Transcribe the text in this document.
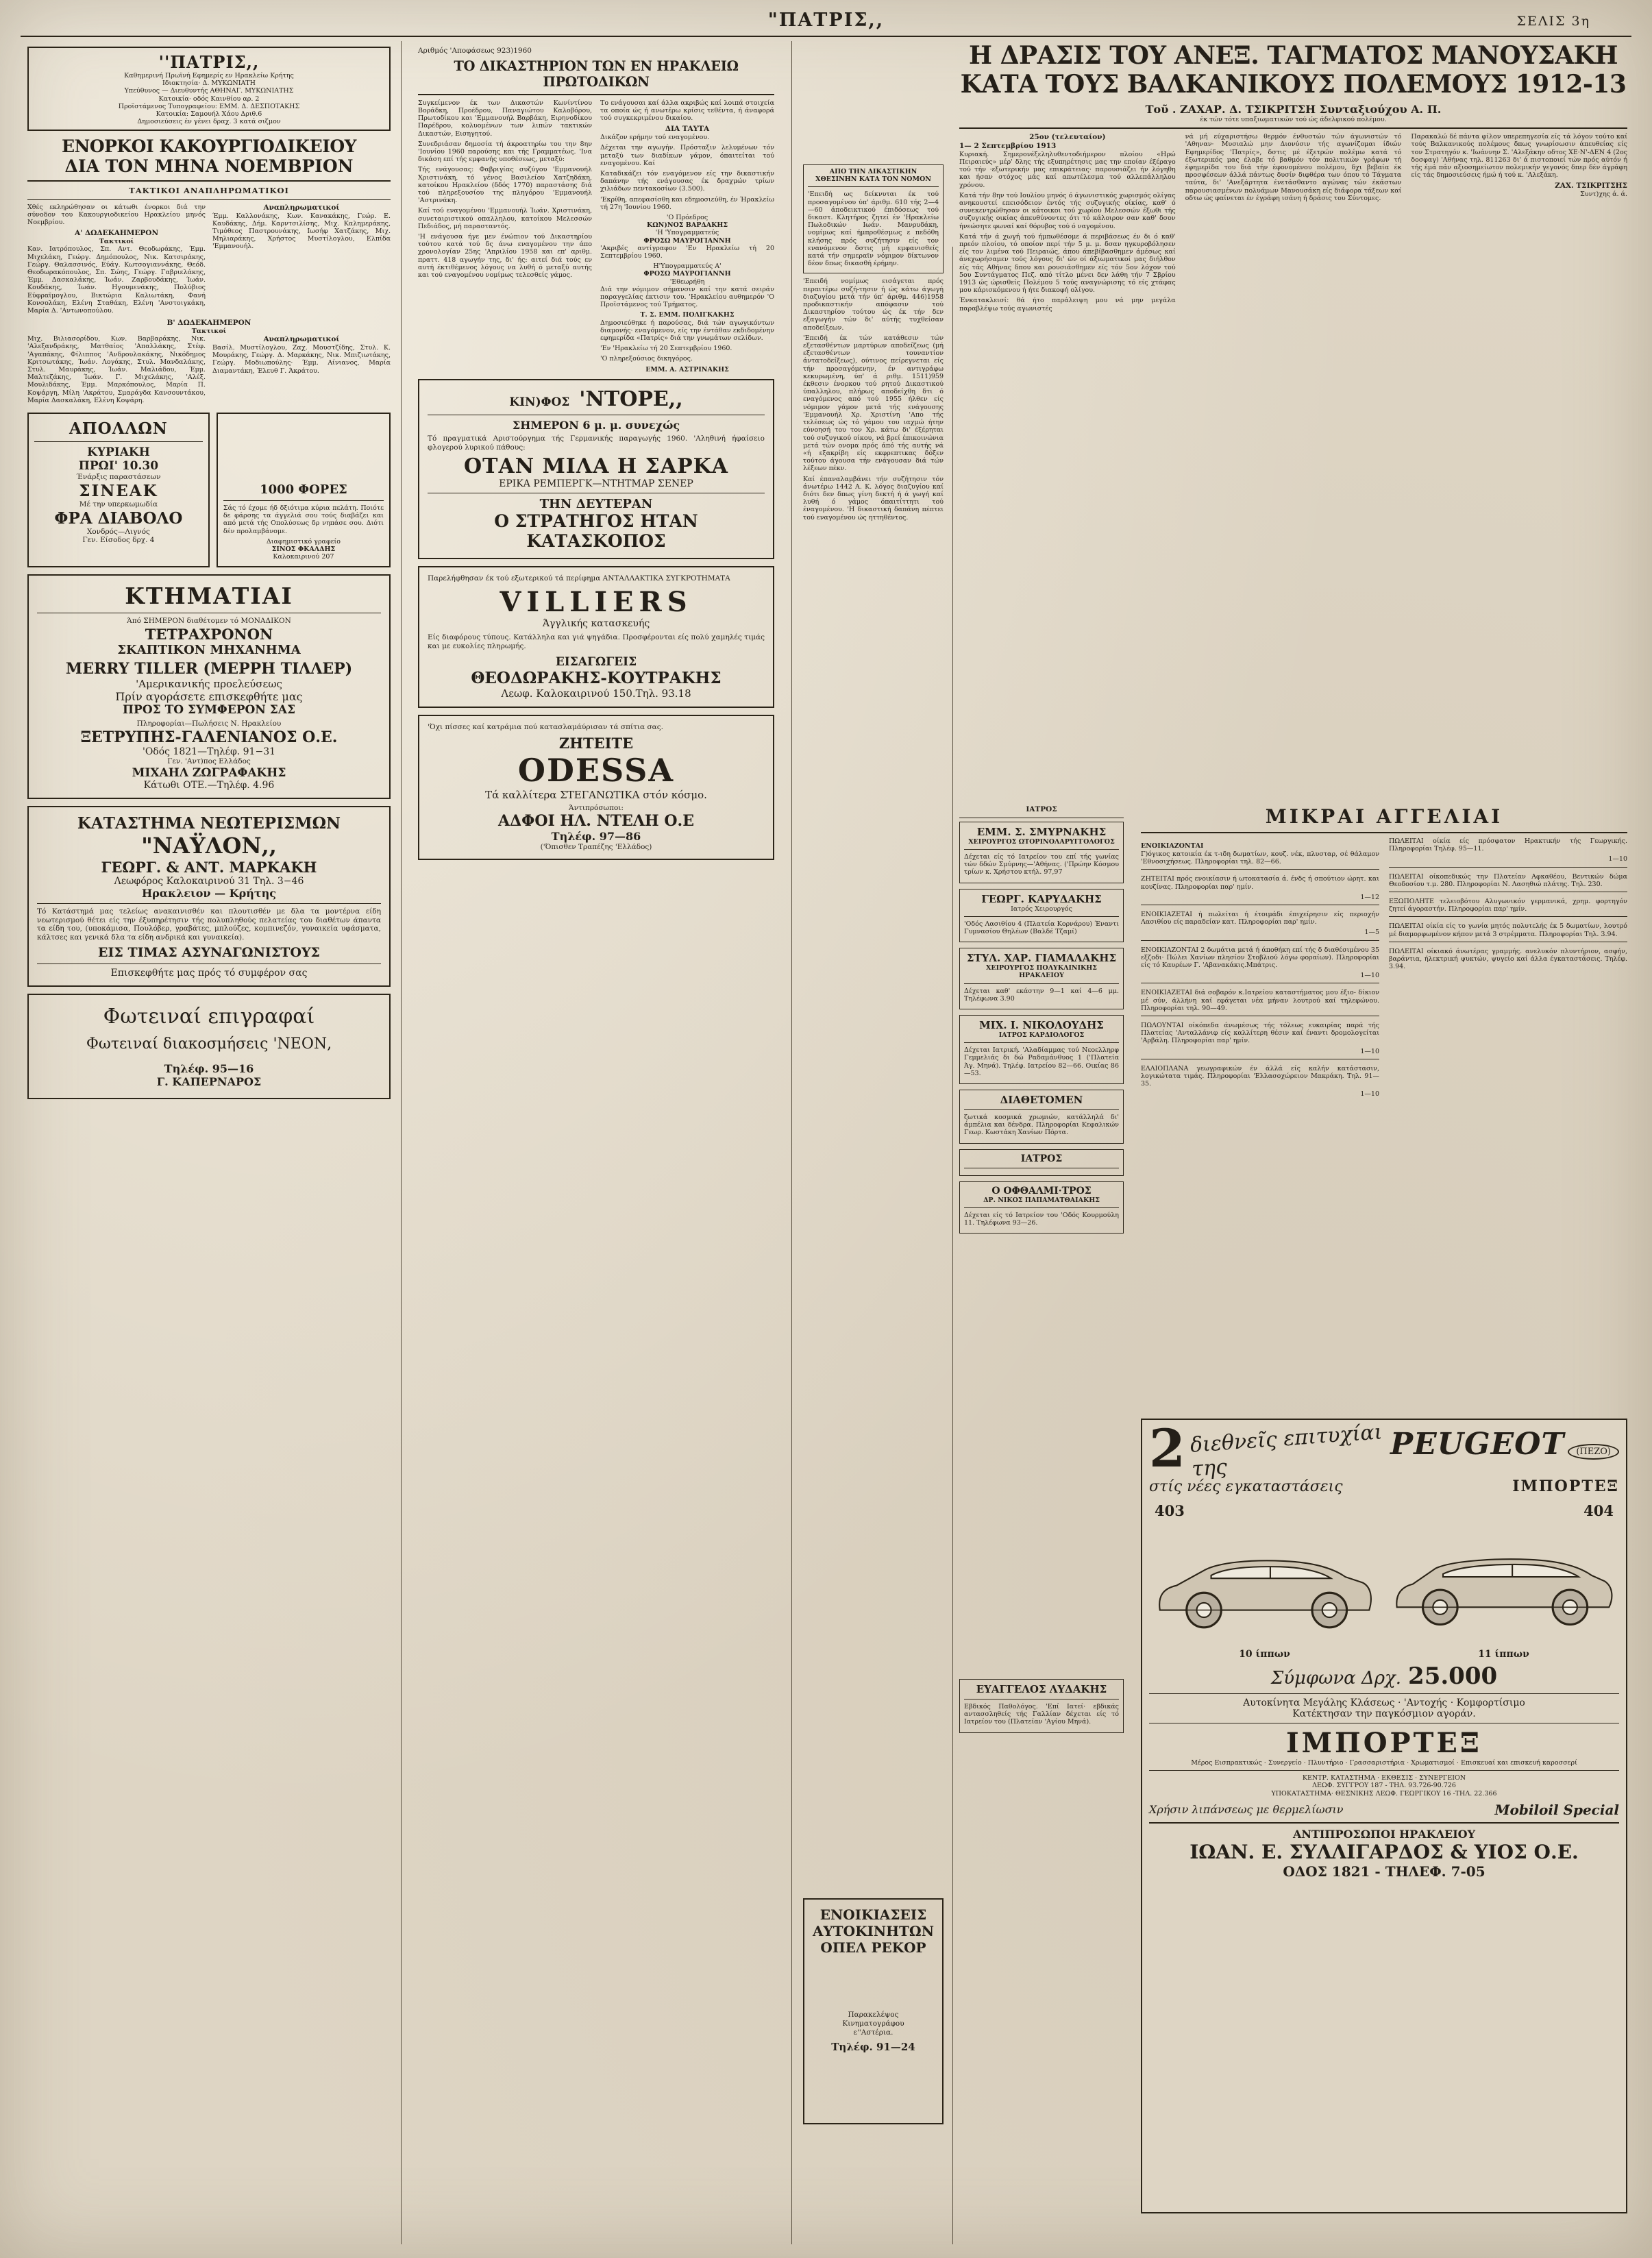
"ΠΑΤΡΙΣ,,	ΣΕΛΙΣ 3η
''ΠΑΤΡΙΣ,,
Καθημερινή Πρωϊνή Εφημερίς εν Ηρακλείω Κρήτης
Ιδιοκτησία· Δ. ΜΥΚΩΝΙΑΤΗ
Υπεύθυνος — Διευθυντής ΑΘΗΝΑΓ. ΜΥΚΩΝΙΑΤΗΣ
Κατοικία· οδός Καινθίου αρ. 2
Προϊστάμενος Τυπογραφείου: ΕΜΜ. Δ. ΔΕΣΠΟΤΑΚΗΣ
Κατοικία: Σαμουήλ Χάου Δριθ.6
Δημοσιεύσεις έν γένει δραχ. 3 κατά σιζμον
ΕΝΟΡΚΟΙ ΚΑΚΟΥΡΓΙΟΔΙΚΕΙΟΥ
ΔΙΑ ΤΟΝ ΜΗΝΑ ΝΟΕΜΒΡΙΟΝ
ΤΑΚΤΙΚΟΙ ΑΝΑΠΛΗΡΩΜΑΤΙΚΟΙ

Χθές εκληρώθησαν οι κάτωθι ένορκοι διά την σύνοδον του Κακουργιοδικείου Ηρακλείου μηνός Νοεμβρίου.

Α' ΔΩΔΕΚΑΗΜΕΡΟΝ
Τακτικοί

Καν. Ιατρόπουλος, Σπ. Αντ. Θεοδωράκης, Έμμ. Μιχελάκη, Γεώργ. Δημόπουλος, Νικ. Κατσιράκης, Γεώργ. Θαλασσινός, Εύάγ. Κωτσογιαννάκης, Θεόδ. Θεοδωρακόπουλος, Σπ. Σώης, Γεώργ. Γαβριελάκης, Έμμ. Δασκαλάκης, Ίωάν. Ζαρβουδάκης, Ίωάν. Κουδάκης, Ίωάν. Ηγουμενάκης, Πολύβιος Εύφραϊμογλου, Βικτώρια Καλιωτάκη, Φανή Κονσολάκη, Ελένη Σταθάκη, Ελένη 'Ανστοιγκάκη, Μαρία Δ. 'Αντωνοπούλου.

Αναπληρωματικοί

Έμμ. Καλλονάκης, Κων. Κανακάκης, Γεώρ. Ε. Καυδάκης, Δήμ. Καρντσιλίσης, Μιχ. Καλημεράκης, Τιμόθεος Παστρουνάκης, Ιωσήφ Χατζάκης, Μιχ. Μηλιαράκης, Χρήστος Μυστίλογλου, Ελπίδα 'Εμμανουήλ.

Β' ΔΩΔΕΚΑΗΜΕΡΟΝ
Τακτικοί

Μιχ. Βιλιασορίδου, Κων. Βαρβαράκης, Νικ. 'Αλεξανδράκης, Ματθαίος 'Απαλλάκης, Στέφ. 'Αγαπάκης, Φίλιππος 'Ανδρουλακάκης, Νικόδημος Κριτσωτάκης, Ίωάν. Λογάκης, Στυλ. Μανδαλάκης, Στυλ. Μαυράκης, Ίωάν. Μαλιάδου, Έμμ. Μαλτεζάκης, Ίωάν. Γ. Μιχελάκης, 'Αλέξ. Μουλιδάκης, Έμμ. Μαρκόπουλος, Μαρία Π. Κοψάργη, Μίλη 'Ακράτου, Σμαράγδα Κανσουντάκου, Μαρία Δασκαλάκη, Ελένη Κοψάρη.

Αναπληρωματικοί

Βασίλ. Μυστίλογλου, Ζαχ. Μουστζίδης, Στυλ. Κ. Μουράκης, Γεώργ. Δ. Μαρκάκης, Νικ. Μπιζιωτάκης, Γεώργ. Μοδιωπούλης· Έμμ. Αίνιανος, Μαρία Διαμαντάκη, Έλευθ Γ. Άκράτου.

ΑΠΟΛΛΩΝ
ΚΥΡΙΑΚΗ
ΠΡΩΙ' 10.30
Ένάρξις παραστάσεων
ΣΙΝΕΑΚ
Μέ την υπερκωμωδία
ΦΡΑ ΔΙΑΒΟΛΟ
Χονδρός—Λιγνός
Γεν. Είσοδος δρχ. 4
1000 ΦΟΡΕΣ

Σάς τό έχομε ήδ δξιότιμα κύρια πελάτη. Ποιότε δε φάρσης τα άγγελιά σου τούς διαβάζει και από μετά τής Οπολύσεως δρ νηπάσε σου. Διότι δέν προλαμβάνομε.

Διαφημιστικό γραφείο
ΣΙΝΟΣ ΦΚΑΛΔΗΣ
Καλοκαιρινού 207
ΚΤΗΜΑΤΙΑΙ
Άπό ΣΗΜΕΡΟΝ διαθέτομεν τό ΜΟΝΑΔΙΚΟΝ
ΤΕΤΡΑΧΡΟΝΟΝ
ΣΚΑΠΤΙΚΟΝ ΜΗΧΑΝΗΜΑ
MERRY TILLER (ΜΕΡΡΗ ΤΙΛΛΕΡ)
'Αμερικανικής προελεύσεως
Πρίν αγοράσετε επισκεφθήτε μας
ΠΡΟΣ ΤΟ ΣΥΜΦΕΡΟΝ ΣΑΣ
Πληροφορίαι—Πωλήσεις Ν. Ηρακλείου
ΞΕΤΡΥΠΗΣ-ΓΑΛΕΝΙΑΝΟΣ Ο.Ε.
'Οδός 1821—Τηλέφ. 91−31
Γεν. 'Αντ)πος Ελλάδος
ΜΙΧΑΗΛ ΖΩΓΡΑΦΑΚΗΣ
Κάτωθι ΟΤΕ.—Τηλέφ. 4.96
ΚΑΤΑΣΤΗΜΑ ΝΕΩΤΕΡΙΣΜΩΝ
"ΝΑΫΛΟΝ,,
ΓΕΩΡΓ. & ΑΝΤ. ΜΑΡΚΑΚΗ
Λεωφόρος Καλοκαιρινού 31 Τηλ. 3−46
Ηρακλειον — Κρήτης

Τό Κατάστημά μας τελείως ανακαινισθέν και πλουτισθέν με δλα τα μοντέρνα είδη νεωτερισμού θέτει είς την έξυπηρέτησιν τής πολυπληθούς πελατείας του διαθέτων άπαντα τα είδη του, (υποκάμισα, Πουλόβερ, γραβάτες, μπλούζες, κομπινεζόν, γυναικεία υφάσματα, κάλτσες και γενικά δλα τα είδη ανδρικά και γυναικεία).

ΕΙΣ ΤΙΜΑΣ ΑΣΥΝΑΓΩΝΙΣΤΟΥΣ
Επισκεφθήτε μας πρός τό συμφέρον σας
Φωτειναί επιγραφαί
Φωτειναί διακοσμήσεις 'ΝΕΟΝ,
Τηλέφ. 95—16
Γ. ΚΑΠΕΡΝΑΡΟΣ
Αριθμός 'Αποφάσεως 923)1960
ΤΟ ΔΙΚΑΣΤΗΡΙΟΝ ΤΩΝ ΕΝ ΗΡΑΚΛΕΙΩ ΠΡΩΤΟΔΙΚΩΝ

Συγκείμενον έκ των Δικαστών Κωνίντίνου Βοράδκη, Προέδρου, Παναγιώτου Καλοβόρου, Πρωτοδίκου και 'Εμμανουήλ Βαρβάκη, Ειρηνοδίκου Παρέδρου, κολυομένων των λιπών τακτικών Δικαστών, Εισηγητού.

Συνεδριάσαν δημοσία τή άκροατηρίω του την 8ην 'Ιουνίου 1960 παρούσης και τής Γραμματέως. 'Ινα δικάση επί τής εμφανής υποθέσεως, μεταξύ:

Τής ενάγουσας: Φαβριγίας συζύγου 'Εμμανουήλ Χριστινάκη, τό γένος Βασιλείου Χατζηδάκη, κατοίκου Ηρακλείου (δδός 1770) παραστάσης διά τού πληρεξουσίου της πληγόρου 'Εμμανουήλ 'Αστρινάκη.

Καί τού εναγομένου 'Εμμανουήλ Ίωάν. Χριστινάκη, συνεταιριστικού οπαλληλου, κατοίκου Μελεσσών Πεδιάδος, μή παρασταντός.

'Η ενάγουσα ήγε μεν ένώπιον τού Δικαστηρίου τούτου κατά τού δς άνω εναγομένου την άπο χρονολογίαν 25ης 'Απριλίου 1958 και επ' αριθμ. πραττ. 418 αγωγήν της, δι' ής: αιτεί διά τούς εν αυτή έκτιθέμενος λόγους να λυθή ό μεταξύ αυτής και τού εναγομένου νομίμως τελεσθείς γάμος.

Το ενάγουσαι καί άλλα ακριβώς καί λοιπά στοιχεία τα οποία ώς ή ανωτέρω κρίσις τεθέντα, ή άναφορά τού συγκεκριμένου δικαίου.

ΔΙΑ ΤΑΥΤΑ

Δικάζον ερήμην τού εναγομένου.

Δέχεται την αγωγήν. Πρόσταξιν λελυμένων τόν μεταξύ των διαδίκων γάμον, όπαιτείται τού εναγομένου. Καί

Καταδικάζει τόν εναγόμενον είς την δικαστικήν δαπάνην τής ενάγουσας έκ δραχμών τρίων χιλιάδων πεντακοσίων (3.500).

'Εκρίθη, απεφασίσθη και εδημοσιεύθη, έν Ήρακλείω τή 27η 'Ιουνίου 1960.

'Ο Πρόεδρος
ΚΩΝ)ΝΟΣ ΒΑΡΔΑΚΗΣ
'Η 'Υπογραμματεύς
ΦΡΟΣΩ ΜΑΥΡΟΓΙΑΝΝΗ

'Ακριβές αντίγραφον 'Εν Ηρακλείω τή 20 Σεπτεμβρίου 1960.

Η'Υπογραμματεύς Α'
ΦΡΟΣΩ ΜΑΥΡΟΓΙΑΝΝΗ
'Εθεωρήθη

Διά την νόμιμον σήμανσιν καί την κατά σειράν παραγγελίας έκτισιν του. 'Ηρακλείου αυθημερόν 'Ο Προϊστάμενος τού Τμήματος.

Τ. Σ. ΕΜΜ. ΠΟΛΙΓΚΑΚΗΣ

Δημοσιεύθηκε ή παρούσας, διά τών αγωγικόντων διαμονής· εναγόμενον, είς την έντάθαν εκδιδομένην εφημερίδα «Πατρίς» διά την γνωμάτων σελίδων.

'Εν 'Ηρακλείω τή 20 Σεπτεμβρίου 1960.

'Ο πληρεξούσιος δικηγόρος.

ΕΜΜ. Α. ΑΣΤΡΙΝΑΚΗΣ
ΚΙΝ)ΦΟΣ 'ΝΤΟΡΕ,,
ΣΗΜΕΡΟΝ 6 μ. μ. συνεχώς

Τό πραγματικά Αριστούργημα τής Γερμανικής παραγωγής 1960. 'Αληθινή ήφαίσειο φλογερού λυρικού πάθους:

ΟΤΑΝ ΜΙΛΑ Η ΣΑΡΚΑ
ΕΡΙΚΑ ΡΕΜΠΕΡΓΚ—ΝΤΗΤΜΑΡ ΣΕΝΕΡ
ΤΗΝ ΔΕΥΤΕΡΑΝ
Ο ΣΤΡΑΤΗΓΟΣ ΗΤΑΝ ΚΑΤΑΣΚΟΠΟΣ

Παρελήφθησαν έκ τού εξωτερικού τά περίφημα ΑΝΤΑΛΛΑΚΤΙΚΑ ΣΥΓΚΡΟΤΗΜΑΤΑ

VILLIERS
Άγγλικής κατασκευής

Είς διαφόρους τύπους. Κατάλληλα και γιά ψηγάδια. Προσφέρονται είς πολύ χαμηλές τιμάς και με ευκολίες πληρωμής.

ΕΙΣΑΓΩΓΕΙΣ
ΘΕΟΔΩΡΑΚΗΣ-ΚΟΥΤΡΑΚΗΣ
Λεωφ. Καλοκαιρινού 150.Τηλ. 93.18

'Όχι πίσσες καί κατράμια πού κατασλαμάύρισαν τά σπίτια σας.

ΖΗΤΕΙΤΕ
ODESSA
Τά καλλίτερα ΣΤΕΓΑΝΩΤΙΚΑ στόν κόσμο.
Άντιπρόσωποι:
ΑΔΦΟΙ ΗΛ. ΝΤΕΛΗ Ο.Ε
Τηλέφ. 97—86
('Όπισθεν Τραπέζης 'Ελλάδος)
ΑΠΟ ΤΗΝ ΔΙΚΑΣΤΙΚΗΝ
ΧΘΕΣΙΝΗΝ ΚΑΤΑ ΤΟΝ ΝΟΜΟΝ

'Επειδή ως δείκνυται έκ τού προσαγομένου ύπ' άριθμ. 610 τής 2—4—60 άποδεικτικού έπιδόσεως τού δικαστ. Κλητήρος ζητεί έν 'Ηρακλείω Πωλοδικών Ιωάν. Μανρυδάκη, νομίμως καί ήμπροθέσμως ε πεδόθη κλήσης πρός συζήτησιν είς τον ενανόμενον δστις μή εμφανισθείς κατά τήν σημεραϊν νόμιμον δίκτωνον δέον δπως δικασθή έρήμην.

'Επειδή νομίμως εισάγεται πρός περαιτέρω συζή-τησιν ή ώς κάτω άγωγή διαζυγίου μετά τήν ύπ' άριθμ. 446)1958 προδικαστικήν απόφασιν τού Δικαστηρίου τούτου ώς έκ τήν δεν εξαγωγήν τών δι' αύτής τυχθείσαν αποδείξεων.

'Επειδή έκ τών κατάθεσιν τών εξετασθέντων μαρτύρων αποδείζεως (μή εξετασθέντων τουναντίον άντατοδείξεως), ούτινος πείρεγνεται είς τήν προσαγόμενην, έν αντιγράφω κεκυρωμένη, ύπ' ά ριθμ. 1511)959 έκθεσιν ένορκου τού ρητού Δικαστικού ύπαλληλου, πλήρως αποδείχθη δτι ό εναγόμενος από τού 1955 ήλθεν είς νόμιμον γάμον μετά τής ενάγουσης 'Εμμανουήλ Χρ. Χριστίνη 'Απο τής τελέσεως ώς τό γάμου του ιαχμώ ήτην εύνοησή του τον Χρ. κάτω δι' έξέρηται τού συζυγικού οίκου, νά βρεί έπικοινώνια μετά τών ονομα πρός άπό τής αυτής νά «ή εξακρίβη είς εκφρεπτικας δόξεν τούτου άγουσα τήν ενάγουσαν διά τών λέξεων πέκν.

Καί έπαναλαμβάνει τήν συζήτησιν τόν άνωτέρω 1442 Α. Κ. λόγος διαζυγίου καί διότι δεν δπως γίνη δεκτή ή ά γωγή καί λυθή ό γάμος όπαιτίττητι τού έναγομένου. 'Η δικαστική δαπάνη πέπτει τού εναγομένου ώς ηττηθέντος.

ΕΝΟΙΚΙΑΣΕΙΣ
ΑΥΤΟΚΙΝΗΤΩΝ
ΟΠΕΛ ΡΕΚΟΡ
Παρακελέψος
Κινηματογράφου
ε''Αστέρια.
Τηλέφ. 91—24
Η ΔΡΑΣΙΣ ΤΟΥ ΑΝΕΞ. ΤΑΓΜΑΤΟΣ ΜΑΝΟΥΣΑΚΗ
ΚΑΤΑ ΤΟΥΣ ΒΑΛΚΑΝΙΚΟΥΣ ΠΟΛΕΜΟΥΣ 1912-13
Τοῦ . ΖΑΧΑΡ. Δ. ΤΣΙΚΡΙΤΣΗ Συνταξιούχου Α. Π.
έκ τών τότε υπαξιωματικών τού ώς άδελφικού πολέμου.
25ον (τελευταίον)
1— 2 Σεπτεμβρίου 1913

Κυριακή. Σημερονέξεληλυθεντοδιήμερον πλοίου «Ηρώ Πειραιεύς» μέρ' δλης τής εξυπηρέτησις μας την εποίαν έξέραγο τού τήν ·εξωτερικήν μας επικράτειας· παρουσιάζει ήν λόγηθη και ήσαν στόχος μάς καί απωτέλεσμα τού αλλεπάλληλου χρόνου.

Κατά τήν 8ην τού Ιουλίου μηνός ό άγωνιστικός χωρισμός ολίγας ανηκουστεί επεισόδειον έντός τής συζυγικής οίκίας, καθ' ό συνεκεντρώθησαν οι κάτοικοι τού χωρίου Μελεσσών έξωθι τής συζυγικής οικίας άπευθύνοντες ότι τό κάλοιρον σαν καθ' δσον ήνεώσητε φωναί καί θόρυβος τού ό ναγομένου.

Κατά τήν ά χωγή τού ήμπωθέσομε ά περιβάσεως έν δι ό καθ' πρεόν πλοίου, τό οποίον περί τήν 5 μ. μ. δσαν ηγκυροβόλησεν είς τον λιμένα τού Πειραιώς, άπου άπεβίβασθημεν άμέσως καί άνεχωρήσαμεν τούς λόγους δι' ών οί άξιωματικοί μας διήλθον είς τάς Αθήνας δπου και ρουσιάσθημεν είς τόν 5ον λόχον τού 5ου Συντάγματος Πεζ. από τίτλο μένει δεν λάθη τήν 7 Σβρίου 1913 ώς ώρισθείς Πολέμου 5 τούς αναγνώρισης τό είς χτάφας μου κάρισκόμενου ή ήτε διακοφή ολίγου.

Ένκατακλεισί: θά ήτο παράλειψη μου νά μην μεγάλα παραβλέψω τούς αγωνιστές

νά μή εύχαριστήσω θερμόν ένθυστών τών άγωνιστών τό 'Αθηναν· Μυσιαλώ μην Διονύσιν τής αγωνίζομαι ίδιών Εφημερίδος 'Πατρίς», δστις μέ έξετρών πολέμω κατά τό έξωτερικός μας έλαβε τό βαθμόν τόν πολιτικών γράφων τή έφημερίδα του διά τήν έφονομένου πολέμου, δχι βεβαία έκ προσφέσεων άλλά πάντως δυσίν διφθέρα των όπου τό Τάγματα ταύτα, δι' 'Ανεξάρτητα ένετάσθαντο αγώνας τών έκάστων παρουσιασμένων πολυάμων Μανουσάκη είς διάφορα τάξεων καί οδτω ώς φαίνεται έν έγράφη ισάνη ή δράσις του Σύντομες.

Παρακαλώ δέ πάντα φίλον υπερεπηγεσία είς τά λόγον τούτο καί τούς Βαλκανικούς πολέμους δπως γνωρίσωσιν άπευθείας είς τον Στρατηγόν κ. 'Ιωάννην Σ. 'Αλεξάκην οδτος ΧΕ·Ν'-ΔΕΝ 4 (2ος δοσφαγ) 'Αθήνας τηλ. 811263 δι' ά πιστοποιεί τών πρός αύτόν ή τής έμά πάν αξιοσημείωτον πολεμικήν γεγονός δπερ δέν άγράφη είς τάς δημοσιεύσεις ήμώ ή τού κ. 'Αλεξάκη.

ΖΑΧ. ΤΣΙΚΡΙΤΣΗΣ
Συντ)χης ά. ά.
ΙΑΤΡΟΣ
ΕΜΜ. Σ. ΣΜΥΡΝΑΚΗΣ
ΧΕΙΡΟΥΡΓΟΣ ΩΤΟΡΙΝΟΛΑΡΥΓΓΟΛΟΓΟΣ

Δέχεται είς τό Ιατρείον του επί τής γωνίας τών δδών Σμύρνης—'Αθήνας. ('Πρώην Κόσμου τρίων κ. Χρήστου κτήλ. 97,97

ΓΕΩΡΓ. ΚΑΡΥΔΑΚΗΣ
Ιατρός Χειρουργός

'Οδός Λασιθίου 4 (Πλατεία Κορνάρου) Έναντι Γυμνασίου Θηλέων (Βαλδέ Τζαμί)

ΣΤΥΛ. ΧΑΡ. ΓΙΑΜΑΛΑΚΗΣ
ΧΕΙΡΟΥΡΓΟΣ ΠΟΛΥΚΛΙΝΙΚΗΣ ΗΡΑΚΛΕΙΟΥ

Δέχεται καθ' εκάστην 9—1 καί 4—6 μμ. Τηλέφωνα 3.90

ΜΙΧ. Ι. ΝΙΚΟΛΟΥΔΗΣ
ΙΑΤΡΟΣ ΚΑΡΔΙΟΛΟΓΟΣ

Δέχεται Ιατρική. 'Αλαδίαμμας τού Νεοελληρφ Γεμμελιάς δι δώ Ραδαμάνθυος 1 ('Πλατεία Άγ. Μηνά). Τηλέφ. Ιατρείου 82—66. Οικίας 86—53.

ΔΙΑΘΕΤΟΜΕΝ

ζωτικά κοσμικά χρωμιών, κατάλληλά δι' άμπέλια και δένδρα. Πληροφορίαι Κεφαλικών Γεωρ. Κωστάκη Χανίων Πόρτα.

ΙΑΤΡΟΣ

Ο ΟΦΘΑΛΜΙ·ΤΡΟΣ
ΔΡ. ΝΙΚΟΣ ΠΑΠΑΜΑΤΘΑΙΑΚΗΣ

Δέχεται είς τό Ιατρείον του 'Οδός Κουρμούλη 11. Τηλέφωνα 93—26.

ΕΥΑΓΓΕΛΟΣ ΛΥΔΑΚΗΣ

Εβδικός Παθολόγος. 'Επί Ιατεί· εβδικάς αντασσληθείς τής Γαλλίαν δέχεται είς τό Ιατρείον του (Πλατείαν 'Αγίου Μηνά).

ΜΙΚΡΑΙ ΑΓΓΕΛΙΑΙ
ΕΝΟΙΚΙΑΖΟΝΤΑΙ

Γ)όγικος κατοικία έκ τ-ιδη δωματίων, κουζ. νέκ, πλυσταρ, σέ θάλαμον 'Εθνοσιχήσεως. Πληροφορίαι τηλ. 82—66.

ΖΗΤΕΙΤΑΙ πρός ενοικίασιν ή ωτοκατασία ά. ένδς ή σπούτιον ώρητ. και κουζίνας. Πληροφορίαι παρ' ημίν.

1—12

ΕΝΟΙΚΙΑΖΕΤΑΙ ή πωλείται ή έτοιμάδι έπιχείρησιν είς περιοχήν Λασιθίου είς παραδείαν κατ. Πληροφορίαι παρ' ημίν.

1—5

ΕΝΟΙΚΙΑΖΟΝΤΑΙ 2 δωμάτια μετά ή άποθήκη επί τής δ διαθέσιμένου 35 εξζοδι· Πώλει Χανίων πλησίον Στοβλιού λόγω φοραίων). Πληροφορίαι είς τό Καυρέων Γ. 'Αβανακάκις.Μπάτρις.

1—10

ΕΝΟΙΚΙΑΖΕΤΑΙ διά σοβαρόν κ.Ιατρείου καταστήματος μου έξιο- δίκιον μέ σύν, άλλήνη καί εφάγεται νέα μήναν λουτρού καί τηλεφώνου. Πληροφορίαι τηλ. 90—49.

ΠΩΛΟΥΝΤΑΙ οίκόπεδα άνωμέσως τής τόλεως ευκαιρίας παρά τής Πλατείας 'Ανταλλάνιφ είς καλλίτερη θέσιν καί έναντι δρομολογείται 'Αρβάλη. Πληροφορίαι παρ' ημίν.

1—10

ΕΛΛΙΟΠΛΑΝΑ γεωγραφικών έν άλλά είς καλήν κατάστασιν, λογικώτατα τιμάς. Πληροφορίαι 'Ελλασοχώρειον Μακράκη. Τηλ. 91—35.

1—10

ΠΩΛΕΙΤΑΙ οίκία είς πρόσφατον Ηρακτικήν τής Γεωργικής. Πληροφορίαι Τηλέφ. 95—11.

1—10

ΠΩΛΕΙΤΑΙ οίκοπεδικώς την Πλατείαν Αφκαθέου, Βεντικών δώμα Θεοδοσίου τ.μ. 280. Πληροφορίαι Ν. Λασηθιώ πλάτης. Τηλ. 230.

ΕΞΩΠΟΛΗΤΕ τελειοβότου Αλυγωνικόν γερμανικά, χρημ. φορτηγόν ζητεί άγοραστήν. Πληροφορίαι παρ' ημίν.

ΠΩΛΕΙΤΑΙ οίκία είς το γωνία μητός πολυτελής έκ 5 δωματίων, λουτρό μέ διαμορφωμένον κήπον μετά 3 στρέμματα. Πληροφορίαι Τηλ. 3.94.

ΠΩΛΕΙΤΑΙ οίκιακό άνωτέρας γραμμής. ανελυκόν πλυντήριον, ασφήν, βαράντια, ήλεκτρική ψυκτών, ψυγείο καί άλλα έγκαταστάσεις. Τηλέφ. 3.94.

2 διεθνεῖς επιτυχίαι της
PEUGEOT (ΠΕΖΟ)
στίς νέες εγκαταστάσεις	ΙΜΠΟΡΤΕΞ
403
10 ίππων
404
11 ίππων
Σύμφωνα Δρχ. 25.000
Αυτοκίνητα Μεγάλης Κλάσεως · 'Αντοχής · Κομφορτίσιμο
Κατέκτησαν την παγκόσμιον αγοράν.
ΙΜΠΟΡΤΕΞ
Μέρος Εισπρακτικώς · Συνεργείο · Πλυντήριο · Γρασσαριστήρια · Χρωματισμοί · Επισκευαί και επισκευή καροσσερί
ΚΕΝΤΡ. ΚΑΤΑΣΤΗΜΑ · ΕΚΘΕΣΙΣ · ΣΥΝΕΡΓΕΙΟΝ
ΛΕΩΦ. ΣΥΓΓΡΟΥ 187 - ΤΗΛ. 93.726-90.726
ΥΠΟΚΑΤΑΣΤΗΜΑ· ΘΕΣΝΙΚΗΣ ΛΕΩΦ. ΓΕΩΡΓΙΚΟΥ 16 -ΤΗΛ. 22.366
Χρήσιν λιπάνσεως με θερμελίωσιν	Mobiloil Special
ΑΝΤΙΠΡΟΣΩΠΟΙ ΗΡΑΚΛΕΙΟΥ
ΙΩΑΝ. Ε. ΣΥΛΛΙΓΑΡΔΟΣ & ΥΙΟΣ Ο.Ε.
ΟΔΟΣ 1821 - ΤΗΛΕΦ. 7-05
